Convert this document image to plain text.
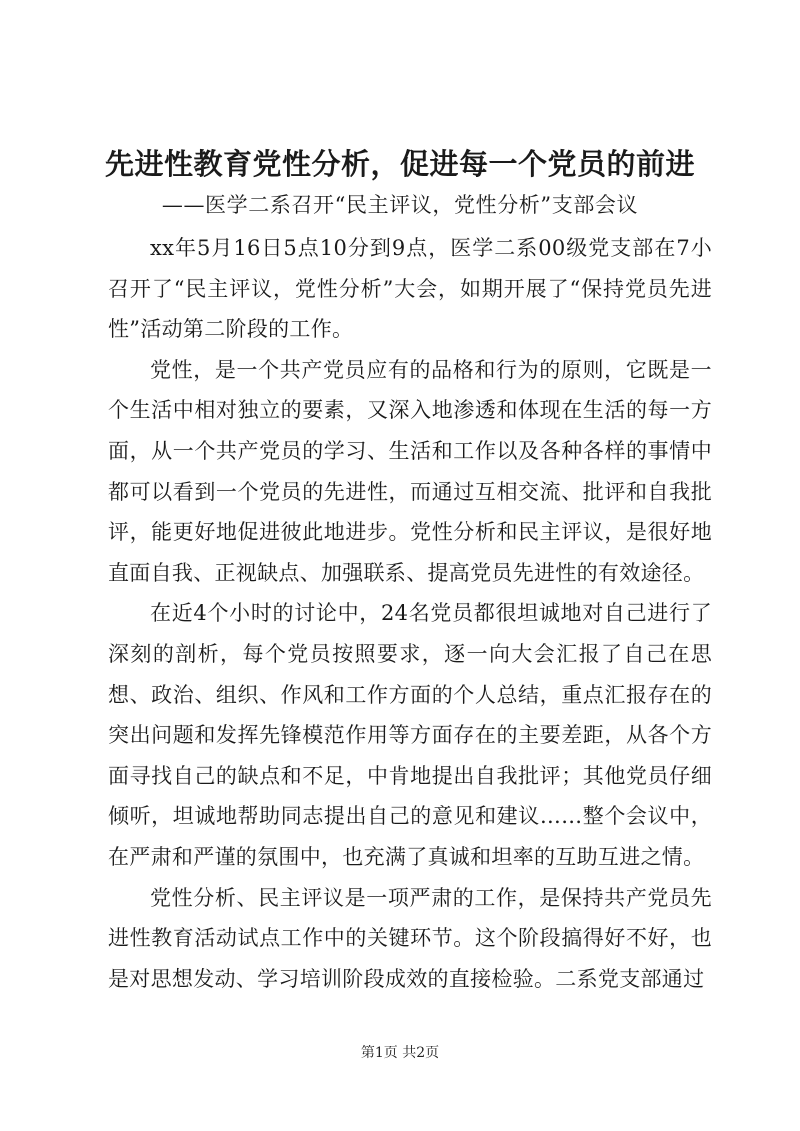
先进性教育党性分析，促进每一个党员的前进
——医学二系召开“民主评议，党性分析”支部会议

xx年5月16日5点10分到9点，医学二系00级党支部在7小召开了“民主评议，党性分析”大会，如期开展了“保持党员先进性”活动第二阶段的工作。

党性，是一个共产党员应有的品格和行为的原则，它既是一个生活中相对独立的要素，又深入地渗透和体现在生活的每一方面，从一个共产党员的学习、生活和工作以及各种各样的事情中都可以看到一个党员的先进性，而通过互相交流、批评和自我批评，能更好地促进彼此地进步。党性分析和民主评议，是很好地直面自我、正视缺点、加强联系、提高党员先进性的有效途径。

在近4个小时的讨论中，24名党员都很坦诚地对自己进行了深刻的剖析，每个党员按照要求，逐一向大会汇报了自己在思想、政治、组织、作风和工作方面的个人总结，重点汇报存在的突出问题和发挥先锋模范作用等方面存在的主要差距，从各个方面寻找自己的缺点和不足，中肯地提出自我批评；其他党员仔细倾听，坦诚地帮助同志提出自己的意见和建议……整个会议中，在严肃和严谨的氛围中，也充满了真诚和坦率的互助互进之情。

党性分析、民主评议是一项严肃的工作，是保持共产党员先进性教育活动试点工作中的关键环节。这个阶段搞得好不好，也是对思想发动、学习培训阶段成效的直接检验。二系党支部通过

第1页 共2页
